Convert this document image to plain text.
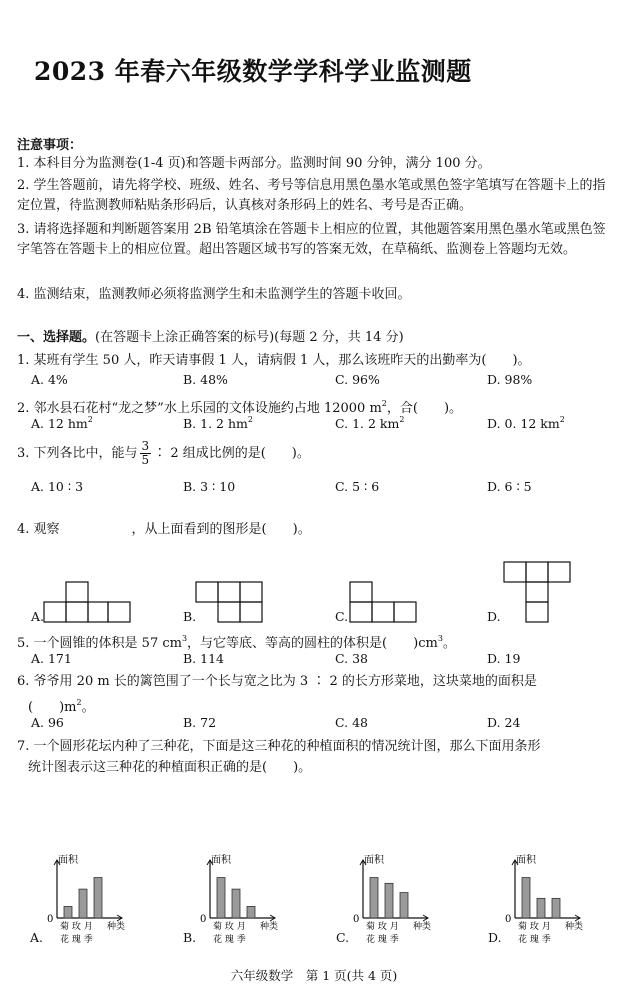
2023 年春六年级数学学科学业监测题
注意事项：
1. 本科目分为监测卷(1-4 页)和答题卡两部分。监测时间 90 分钟，满分 100 分。
2. 学生答题前，请先将学校、班级、姓名、考号等信息用黑色墨水笔或黑色签字笔填写在答题卡上的指定位置，待监测教师粘贴条形码后，认真核对条形码上的姓名、考号是否正确。
3. 请将选择题和判断题答案用 2B 铅笔填涂在答题卡上相应的位置，其他题答案用黑色墨水笔或黑色签字笔答在答题卡上的相应位置。超出答题区域书写的答案无效，在草稿纸、监测卷上答题均无效。
4. 监测结束，监测教师必须将监测学生和未监测学生的答题卡收回。
一、选择题。(在答题卡上涂正确答案的标号)(每题 2 分，共 14 分)
1. 某班有学生 50 人，昨天请事假 1 人，请病假 1 人，那么该班昨天的出勤率为(　　)。
A. 4%	B. 48%	C. 96%	D. 98%
2. 邻水县石花村“龙之梦”水上乐园的文体设施约占地 12000 $m^2$，合(　　)。
A. 12 $hm^2$	B. 1. 2 $hm^2$	C. 1. 2 $km^2$	D. 0. 12 $km^2$
3. 下列各比中，能与 $\frac{3}{5}$ ∶ 2 组成比例的是(　　)。
A. 10 ∶ 3	B. 3 ∶ 10	C. 5 ∶ 6	D. 6 ∶ 5
4. 观察	，从上面看到的图形是(　　)。
A.	B.	C.	D.
5. 一个圆锥的体积是 57 $cm^3$，与它等底、等高的圆柱的体积是(　　)$cm^3$。
A. 171	B. 114	C. 38	D. 19
6. 爷爷用 20 m 长的篱笆围了一个长与宽之比为 3 ∶ 2 的长方形菜地，这块菜地的面积是
(　　)$m^2$。
A. 96	B. 72	C. 48	D. 24
7. 一个圆形花坛内种了三种花，下面是这三种花的种植面积的情况统计图，那么下面用条形
统计图表示这三种花的种植面积正确的是(　　)。
A.
面积
0
种类
菊 玫 月
花 瑰 季	B.
面积
0
种类
菊 玫 月
花 瑰 季	C.
面积
0
种类
菊 玫 月
花 瑰 季	D.
面积
0
种类
菊 玫 月
花 瑰 季
六年级数学　第 1 页(共 4 页)
